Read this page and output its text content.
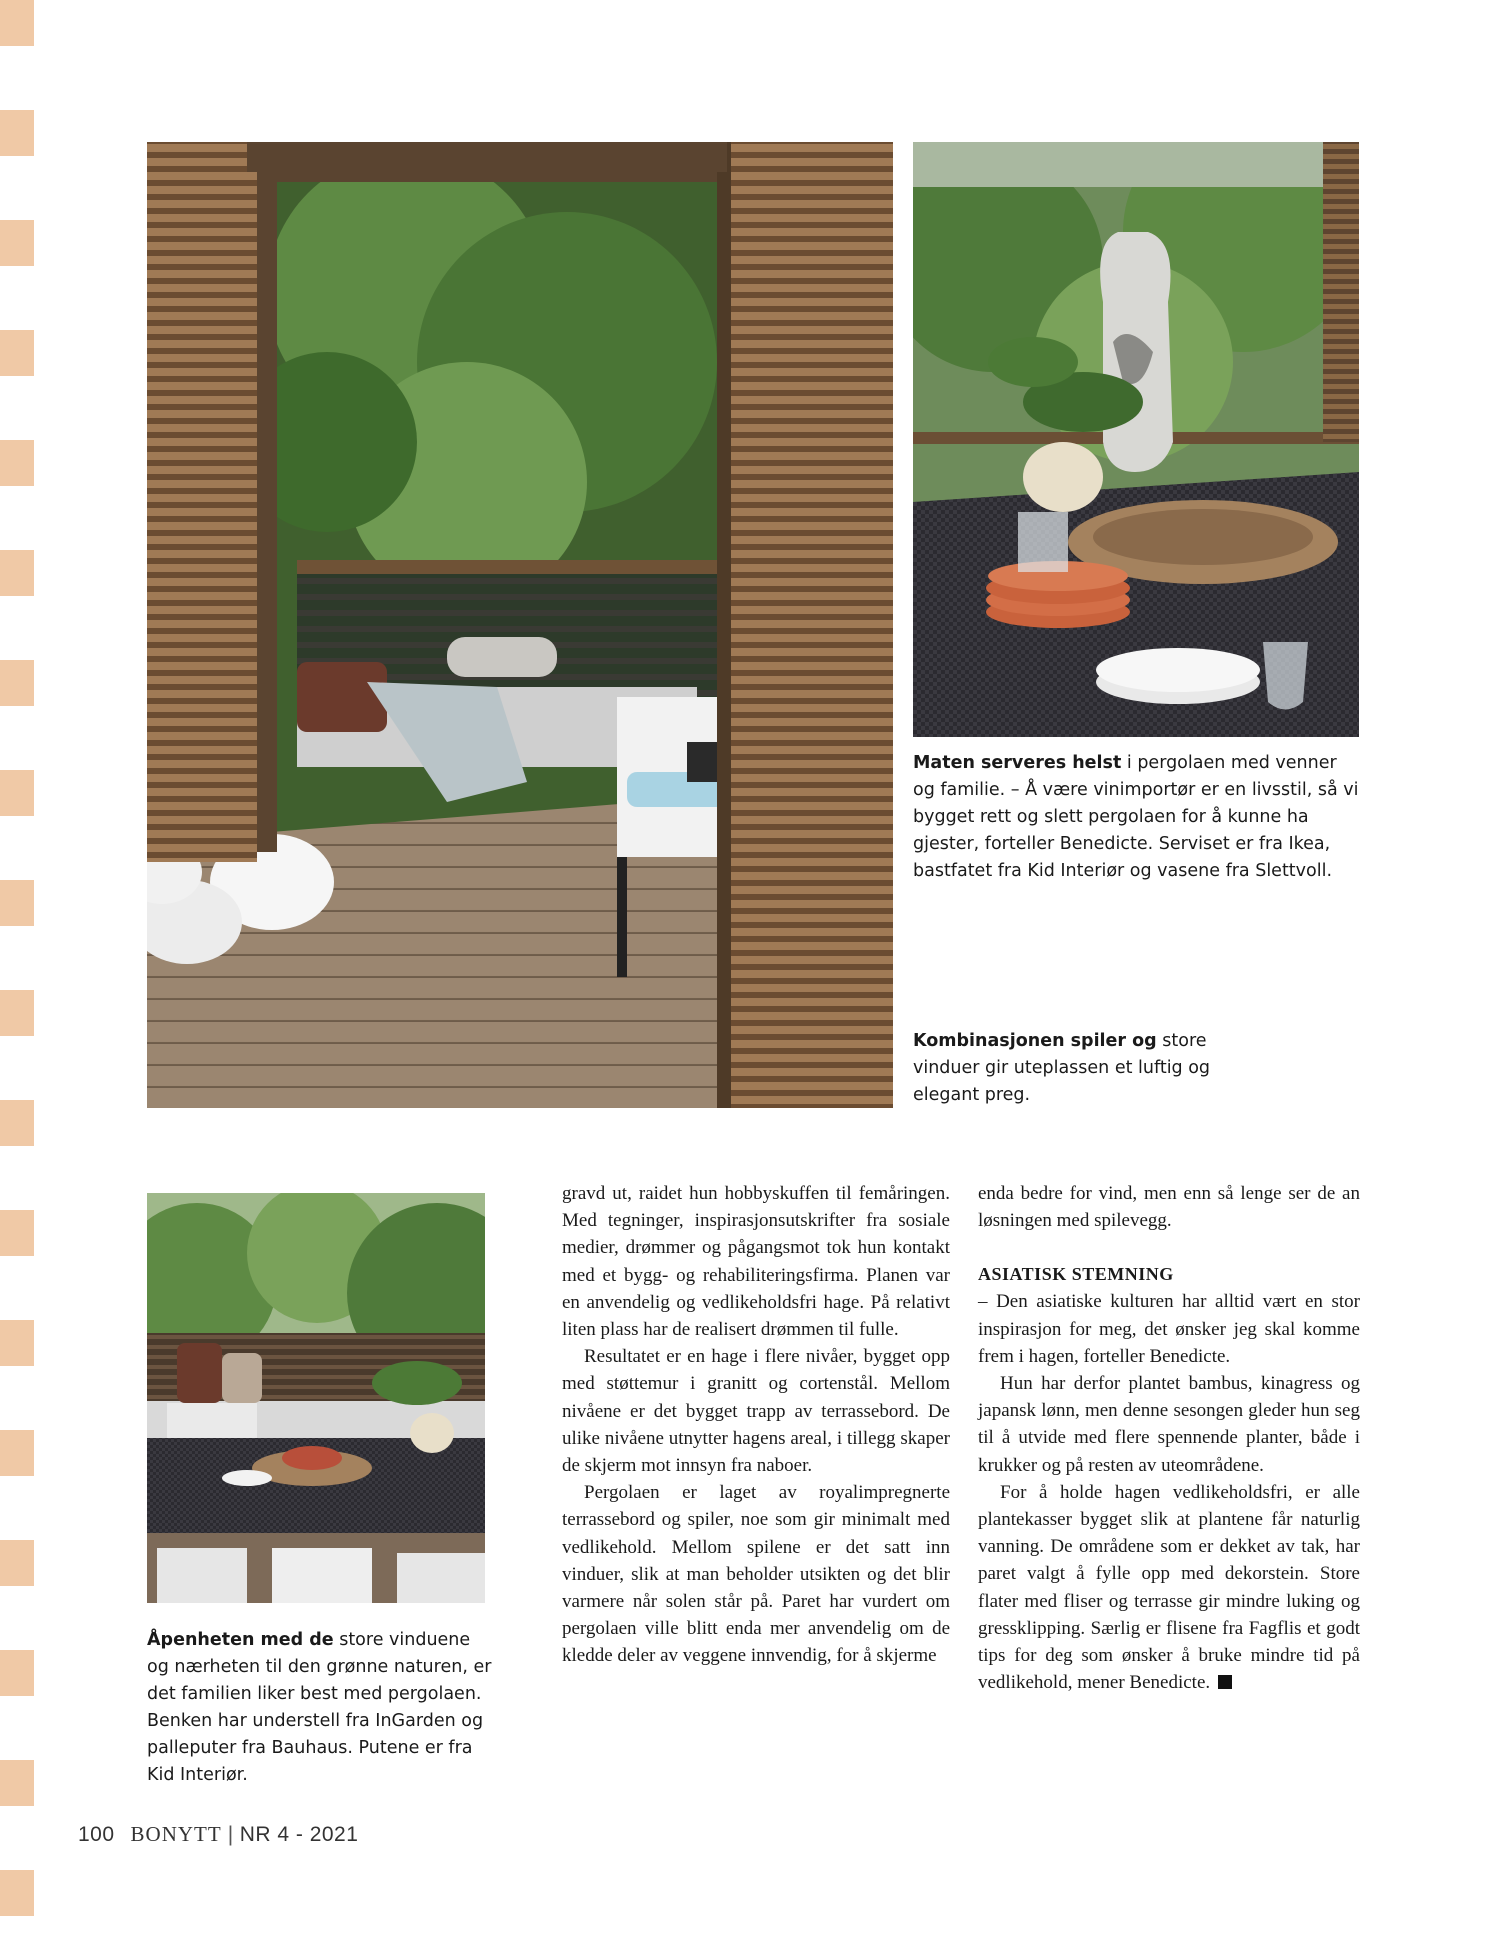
Maten serveres helst i pergolaen med venner og familie. – Å være vinimportør er en livsstil, så vi bygget rett og slett pergolaen for å kunne ha gjester, forteller Benedicte. Serviset er fra Ikea, bastfatet fra Kid Interiør og vasene fra Slettvoll.
Kombinasjonen spiler og store vinduer gir uteplassen et luftig og elegant preg.
Åpenheten med de store vinduene og nærheten til den grønne naturen, er det familien liker best med pergolaen. Benken har understell fra InGarden og palleputer fra Bauhaus. Putene er fra Kid Interiør.

gravd ut, raidet hun hobbyskuffen til femåringen. Med tegninger, inspirasjonsutskrifter fra sosiale medier, drømmer og pågangsmot tok hun kontakt med et bygg- og rehabiliteringsfirma. Planen var en anvendelig og vedlikeholdsfri hage. På relativt liten plass har de realisert drømmen til fulle.

Resultatet er en hage i flere nivåer, bygget opp med støttemur i granitt og cortenstål. Mellom nivåene er det bygget trapp av terrassebord. De ulike nivåene utnytter hagens areal, i tillegg skaper de skjerm mot innsyn fra naboer.

Pergolaen er laget av royalimpregnerte terrassebord og spiler, noe som gir minimalt med vedlikehold. Mellom spilene er det satt inn vinduer, slik at man beholder utsikten og det blir varmere når solen står på. Paret har vurdert om pergolaen ville blitt enda mer anvendelig om de kledde deler av veggene innvendig, for å skjerme

enda bedre for vind, men enn så lenge ser de an løsningen med spilevegg.

ASIATISK STEMNING

– Den asiatiske kulturen har alltid vært en stor inspirasjon for meg, det ønsker jeg skal komme frem i hagen, forteller Benedicte.

Hun har derfor plantet bambus, kinagress og japansk lønn, men denne sesongen gleder hun seg til å utvide med flere spennende planter, både i krukker og på resten av uteområdene.

For å holde hagen vedlikeholdsfri, er alle plantekasser bygget slik at plantene får naturlig vanning. De områdene som er dekket av tak, har paret valgt å fylle opp med dekorstein. Store flater med fliser og terrasse gir mindre luking og gressklipping. Særlig er flisene fra Fagflis et godt tips for deg som ønsker å bruke mindre tid på vedlikehold, mener Benedicte.

100 BONYTT | NR 4 - 2021
